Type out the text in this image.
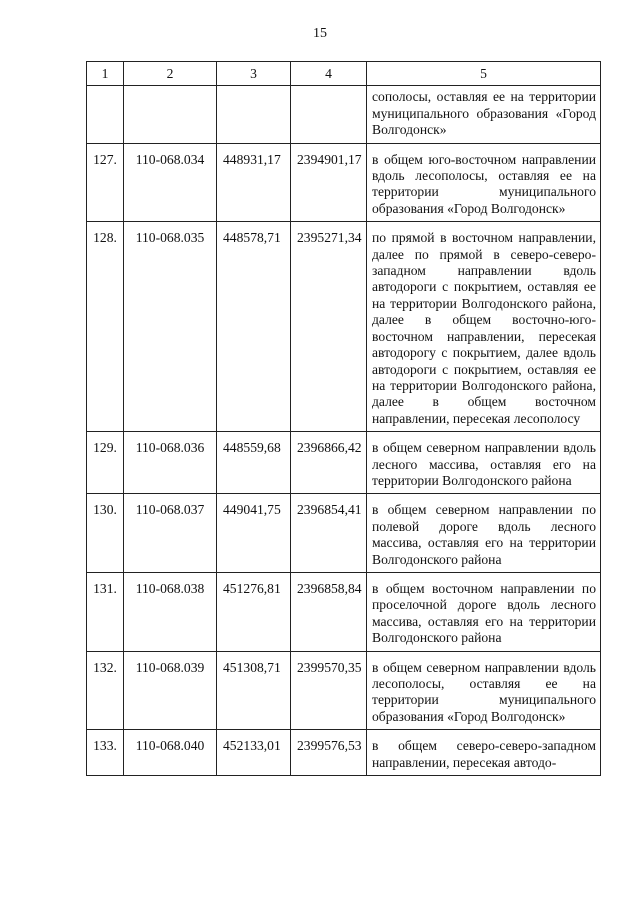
15
1	2	3	4	5
				сополосы, оставляя ее на территории муниципального образования «Город Волгодонск»
127.	110-068.034	448931,17	2394901,17	в общем юго-восточном направлении вдоль лесополосы, оставляя ее на территории муниципального образования «Город Волгодонск»
128.	110-068.035	448578,71	2395271,34	по прямой в восточном направлении, далее по прямой в северо-северо-западном направлении вдоль автодороги с покрытием, оставляя ее на территории Волгодонского района, далее в общем восточно-юго-восточном направлении, пересекая автодорогу с покрытием, далее вдоль автодороги с покрытием, оставляя ее на территории Волгодонского района, далее в общем восточном направлении, пересекая лесополосу
129.	110-068.036	448559,68	2396866,42	в общем северном направлении вдоль лесного массива, оставляя его на территории Волгодонского района
130.	110-068.037	449041,75	2396854,41	в общем северном направлении по полевой дороге вдоль лесного массива, оставляя его на территории Волгодонского района
131.	110-068.038	451276,81	2396858,84	в общем восточном направлении по проселочной дороге вдоль лесного массива, оставляя его на территории Волгодонского района
132.	110-068.039	451308,71	2399570,35	в общем северном направлении вдоль лесополосы, оставляя ее на территории муниципального образования «Город Волгодонск»
133.	110-068.040	452133,01	2399576,53	в общем северо-северо-западном направлении, пересекая автодо-
